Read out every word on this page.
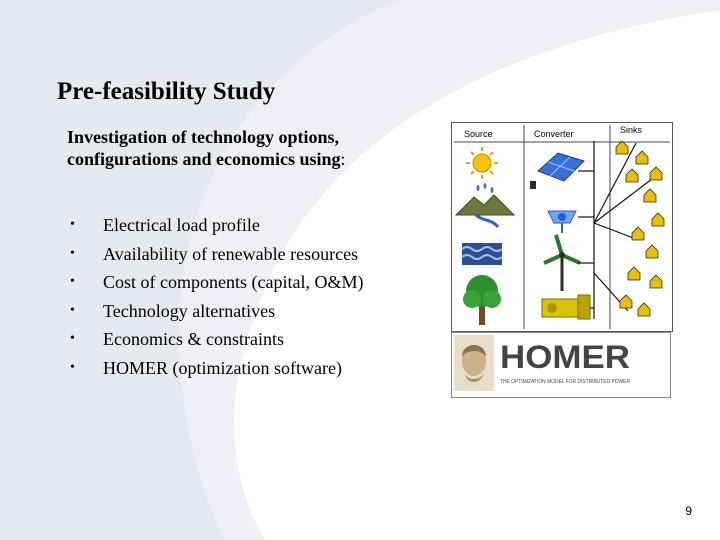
Pre-feasibility Study
Investigation of technology options,
configurations and economics using:
•	Electrical load profile
•	Availability of renewable resources
•	Cost of components (capital, O&M)
•	Technology alternatives
•	Economics & constraints
•	HOMER (optimization software)
Source	Converter	Sinks
HOMER
THE OPTIMIZATION MODEL FOR DISTRIBUTED POWER
9
